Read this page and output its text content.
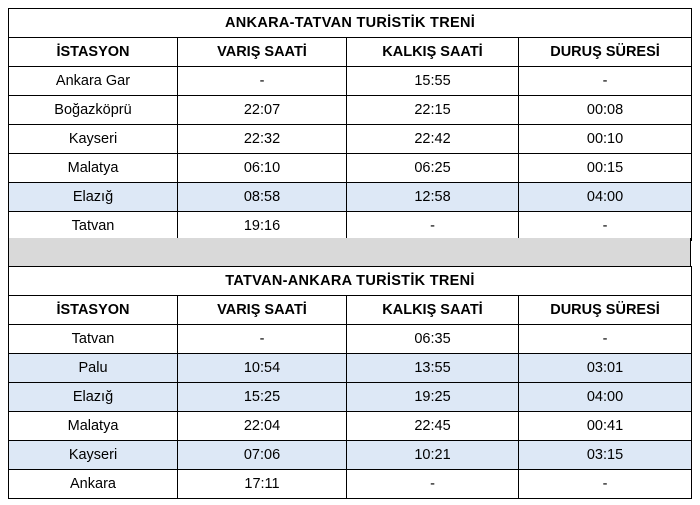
ANKARA-TATVAN TURİSTİK TRENİ			
İSTASYON	VARIŞ SAATİ	KALKIŞ SAATİ	DURUŞ SÜRESİ
Ankara Gar	-	15:55	-
Boğazköprü	22:07	22:15	00:08
Kayseri	22:32	22:42	00:10
Malatya	06:10	06:25	00:15
Elazığ	08:58	12:58	04:00
Tatvan	19:16	-	-
TATVAN-ANKARA TURİSTİK TRENİ			
İSTASYON	VARIŞ SAATİ	KALKIŞ SAATİ	DURUŞ SÜRESİ
Tatvan	-	06:35	-
Palu	10:54	13:55	03:01
Elazığ	15:25	19:25	04:00
Malatya	22:04	22:45	00:41
Kayseri	07:06	10:21	03:15
Ankara	17:11	-	-
